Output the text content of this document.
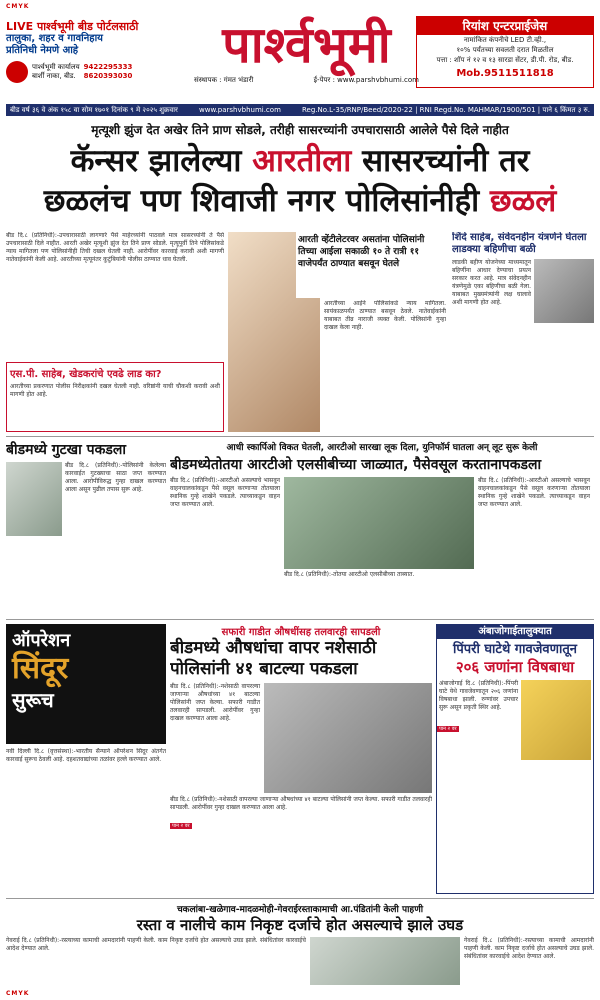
CMYK
LIVE पार्श्वभूमी बीड पोर्टलसाठी
तालुका, शहर व गावनिहाय
प्रतिनिधी नेमणे आहे
पार्श्वभूमी कार्यालय
बार्शी नाका, बीड.
9422295333
8620393030
पार्श्वभूमी
संस्थापक : गंमत भंडारी	ई-पेपर : www.parshvbhumi.com
रियांश एन्टरप्राईजेस
नामांकित कंपनीचे LED टी.व्ही.,
१०% पर्यंतच्या सवलती दरात मिळतील
पत्ता : शॉप नं १२ व १३ सारडा सेंटर, डी.पी. रोड, बीड.
Mob.9511511818
बीड वर्ष ३६ वे अंक १५८ वा सोम १७०१ दिनांक ९ मे २०२५ शुक्रवार	www.parshvbhumi.com	Reg.No.L-35/RNP/Beed/2020-22 | RNI Regd.No. MAHMAR/1900/501 | पाने ६ किंमत ३ रु.
मृत्यूशी झुंज देत अखेर तिने प्राण सोडले, तरीही सासरच्यांनी उपचारासाठी आलेले पैसे दिले नाहीत
कॅन्सर झालेल्या आरतीला सासरच्यांनी तर
छळलंच पण शिवाजी नगर पोलिसांनीही छळलं
बीड दि.८ (प्रतिनिधी):-उपचारासाठी लागणारे पैसे माहेरच्यांनी पाठवले मात्र सासरच्यांनी ते पैसे उपचारासाठी दिले नाहीत. आरती अखेर मृत्यूशी झुंज देत तिने प्राण सोडले. मृत्यूपूर्वी तिने पोलिसांकडे न्याय मागितला पण पोलिसांनीही तिची दखल घेतली नाही. आरोपींवर कारवाई करावी अशी मागणी नातेवाईकांनी केली आहे. आरतीच्या मृत्यूनंतर कुटुंबियांनी पोलीस ठाण्यात धाव घेतली.
एस.पी. साहेब, खेडकरांचे एवढे लाड का?
आरतीच्या प्रकरणात पोलीस निरीक्षकांनी दखल घेतली नाही. वरिष्ठांनी याची चौकशी करावी अशी मागणी होत आहे.
आरती व्हेंटीलेटरवर असतांना पोलिसांनी तिच्या आईला सकाळी १० ते रात्री ११ वाजेपर्यंत ठाण्यात बसवून घेतले
आरतीच्या आईने पोलिसांकडे न्याय मागितला. सायंकाळपर्यंत ठाण्यात बसवून ठेवले. नातेवाईकांनी याबाबत तीव्र नाराजी व्यक्त केली. पोलिसांनी गुन्हा दाखल केला नाही.
शिंदे साहेब, संवेदनहीन यंत्रणेने घेतला लाडक्या बहिणीचा बळी
लाडकी बहीण योजनेच्या माध्यमातून बहिणींना आधार देण्याचा प्रयत्न सरकार करत आहे. मात्र संवेदनहीन यंत्रणेमुळे एका बहिणीचा बळी गेला. याबाबत मुख्यमंत्र्यांनी लक्ष घालावे अशी मागणी होत आहे.
बीडमध्ये गुटखा पकडला
बीड दि.८ (प्रतिनिधी):-पोलिसांनी केलेल्या कारवाईत गुटख्याचा साठा जप्त करण्यात आला. आरोपीविरुद्ध गुन्हा दाखल करण्यात आला असून पुढील तपास सुरू आहे.
आधी स्कार्पिओ विकत घेतली, आरटीओ सारखा लूक दिला, युनिफॉर्म घातला अन् लूट सुरू केली
बीडमध्येतोतया आरटीओ एलसीबीच्या जाळ्यात, पैसेवसूल करतानापकडला
बीड दि.८ (प्रतिनिधी):-आरटीओ असल्याचे भासवून वाहनचालकांकडून पैसे वसूल करणाऱ्या तोतयाला स्थानिक गुन्हे शाखेने पकडले. त्याच्याकडून वाहन जप्त करण्यात आले.
बीड दि.८ (प्रतिनिधी):-तोतया आरटीओ एलसीबीच्या ताब्यात.
बीड दि.८ (प्रतिनिधी):-आरटीओ असल्याचे भासवून वाहनचालकांकडून पैसे वसूल करणाऱ्या तोतयाला स्थानिक गुन्हे शाखेने पकडले. त्याच्याकडून वाहन जप्त करण्यात आले.
ऑपरेशन
सिंदूर
सुरूच
नवी दिल्ली दि.८ (वृत्तसंस्था):-भारतीय सैन्याने ऑपरेशन सिंदूर अंतर्गत कारवाई सुरूच ठेवली आहे. दहशतवाद्यांच्या तळांवर हल्ले करण्यात आले.
सफारी गाडीत औषधींसह तलवारही सापडली
बीडमध्ये औषधांचा वापर नशेसाठी
पोलिसांनी ४१ बाटल्या पकडला
बीड दि.८ (प्रतिनिधी):-नशेसाठी वापरल्या जाणाऱ्या औषधांच्या ४१ बाटल्या पोलिसांनी जप्त केल्या. सफारी गाडीत तलवारही सापडली. आरोपींवर गुन्हा दाखल करण्यात आला आहे.
बीड दि.८ (प्रतिनिधी):-नशेसाठी वापरल्या जाणाऱ्या औषधांच्या ४१ बाटल्या पोलिसांनी जप्त केल्या. सफारी गाडीत तलवारही सापडली. आरोपींवर गुन्हा दाखल करण्यात आला आहे.
पान २ वर
अंबाजोगाईतालुक्यात
पिंपरी घाटेथे गावजेवणातून
२०६ जणांना विषबाधा
अंबाजोगाई दि.८ (प्रतिनिधी):-पिंपरी घाटे येथे गावजेवणातून २०६ जणांना विषबाधा झाली. रुग्णांवर उपचार सुरू असून प्रकृती स्थिर आहे.
पान २ वर
चकलांबा-खळेगाव-मादळमोही-गेवराईरस्ताकामाची आ.पंडितांनी केली पाहणी
रस्ता व नालीचे काम निकृष्ट दर्जाचे होत असल्याचे झाले उघड
गेवराई दि.८ (प्रतिनिधी):-रस्त्याच्या कामाची आमदारांनी पाहणी केली. काम निकृष्ट दर्जाचे होत असल्याचे उघड झाले. संबंधितांवर कारवाईचे आदेश देण्यात आले.
गेवराई दि.८ (प्रतिनिधी):-रस्त्याच्या कामाची आमदारांनी पाहणी केली. काम निकृष्ट दर्जाचे होत असल्याचे उघड झाले. संबंधितांवर कारवाईचे आदेश देण्यात आले.
CMYK
